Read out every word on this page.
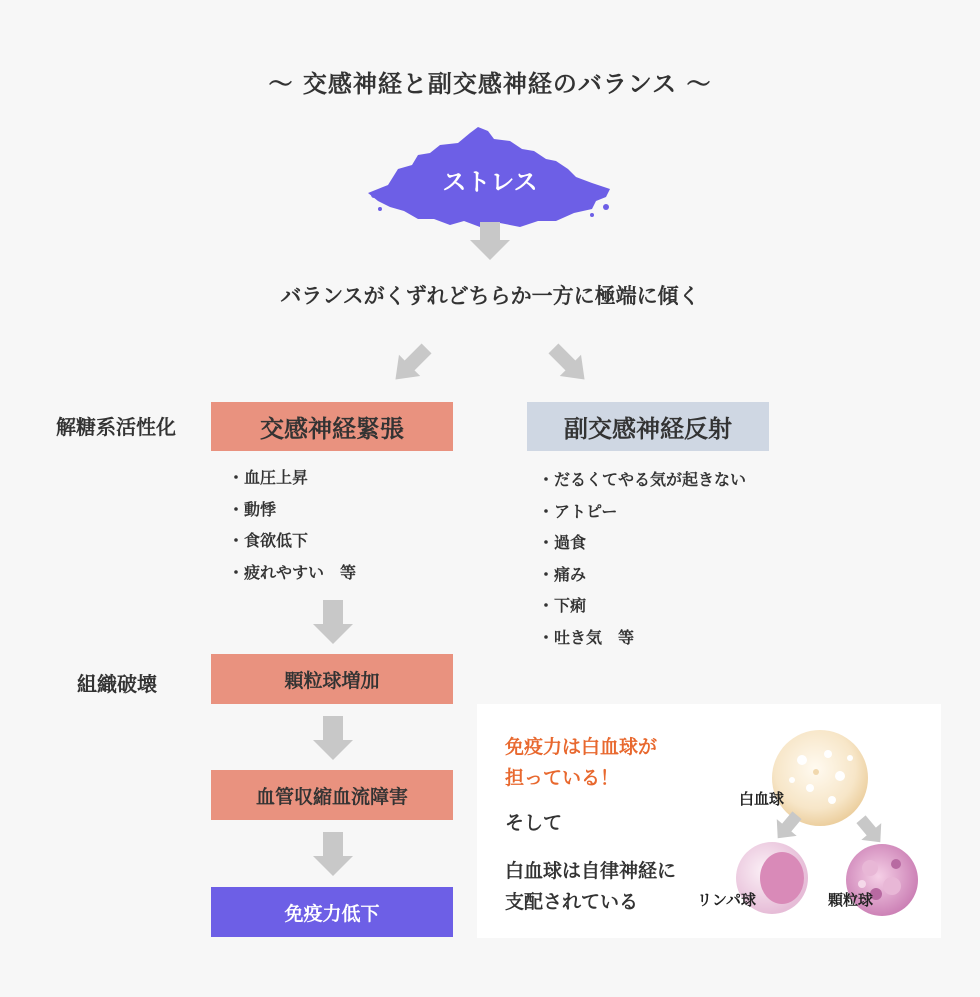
～ 交感神経と副交感神経のバランス ～
ストレス
バランスがくずれどちらか一方に極端に傾く
解糖系活性化	交感神経緊張
・血圧上昇
・動悸
・食欲低下
・疲れやすい　等
組織破壊	顆粒球増加
血管収縮血流障害
免疫力低下
副交感神経反射
・だるくてやる気が起きない
・アトピー
・過食
・痛み
・下痢
・吐き気　等
免疫力は白血球が
担っている！
そして
白血球は自律神経に
支配されている
白血球
リンパ球	顆粒球
